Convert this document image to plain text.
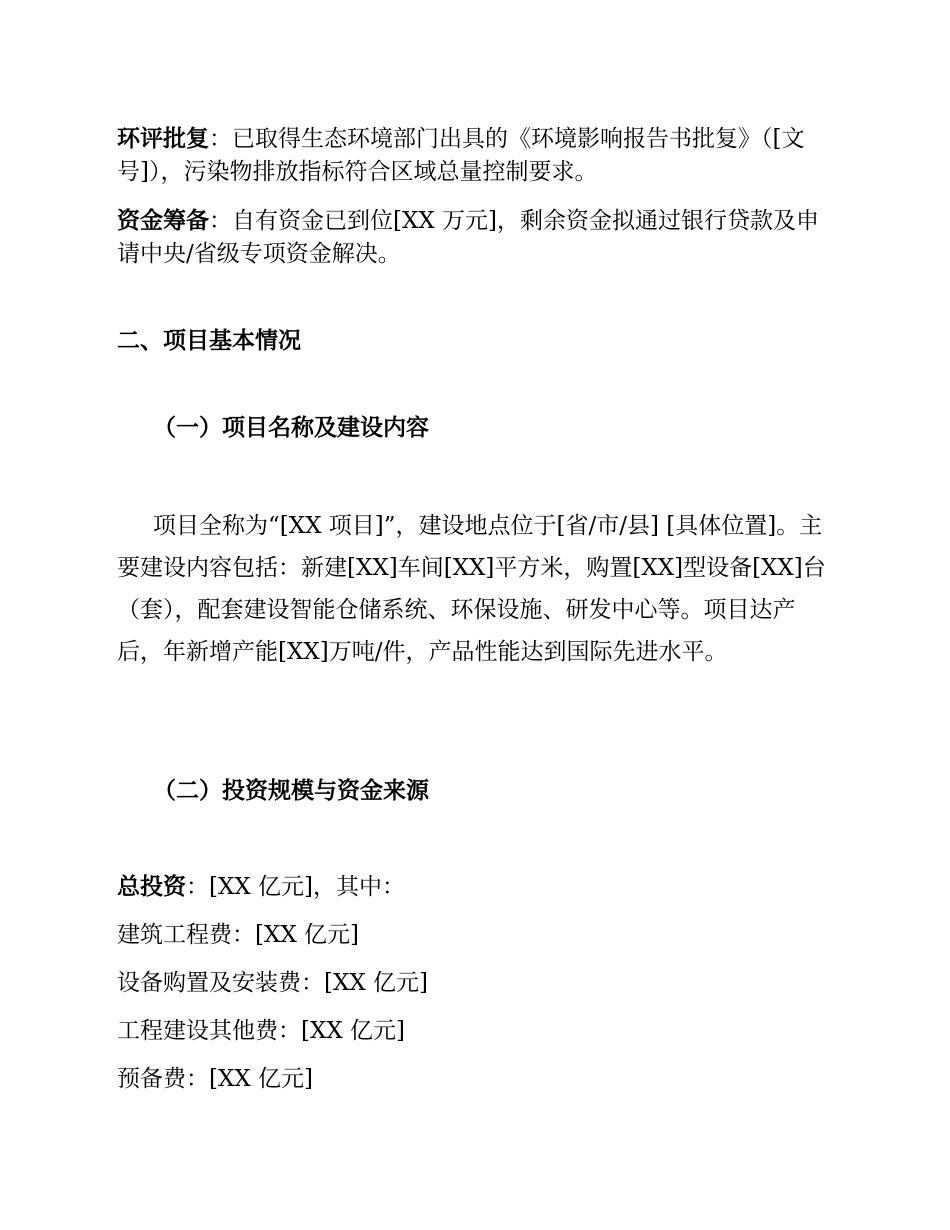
环评批复：已取得生态环境部门出具的《环境影响报告书批复》（[文号]），污染物排放指标符合区域总量控制要求。

资金筹备：自有资金已到位[XX 万元]，剩余资金拟通过银行贷款及申请中央/省级专项资金解决。

二、项目基本情况
（一）项目名称及建设内容

项目全称为“[XX 项目]”，建设地点位于[省/市/县] [具体位置]。主要建设内容包括：新建[XX]车间[XX]平方米，购置[XX]型设备[XX]台（套），配套建设智能仓储系统、环保设施、研发中心等。项目达产后，年新增产能[XX]万吨/件，产品性能达到国际先进水平。

（二）投资规模与资金来源

总投资：[XX 亿元]，其中：

建筑工程费：[XX 亿元]

设备购置及安装费：[XX 亿元]

工程建设其他费：[XX 亿元]

预备费：[XX 亿元]
